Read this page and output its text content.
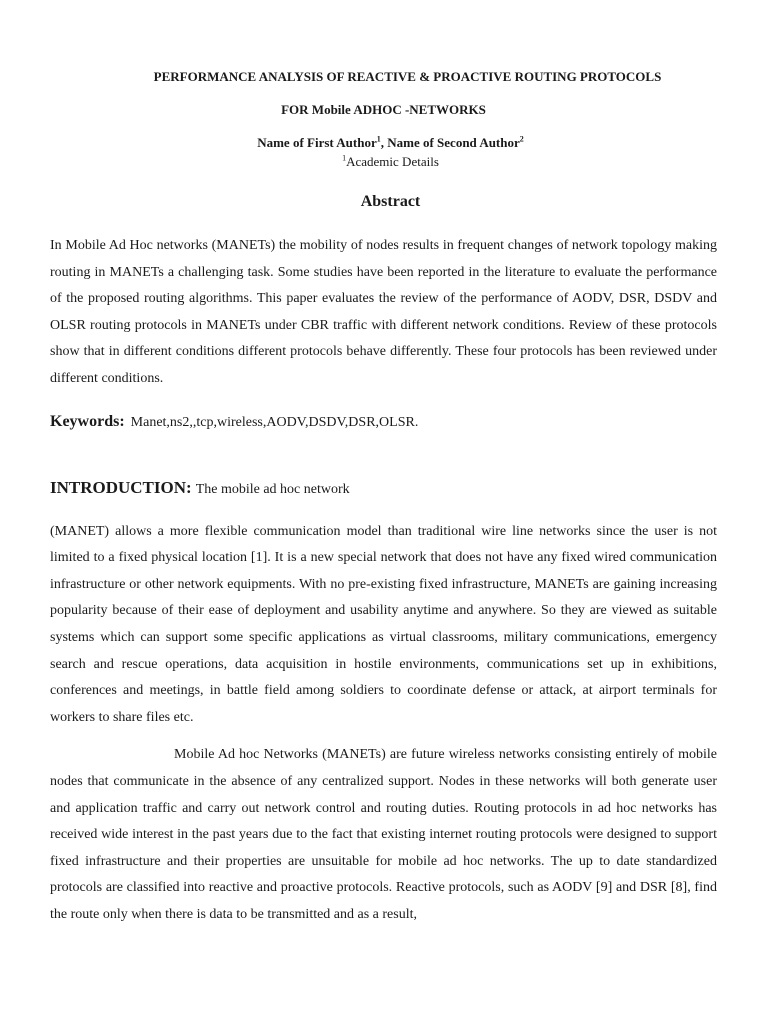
PERFORMANCE ANALYSIS OF REACTIVE & PROACTIVE ROUTING PROTOCOLS

FOR Mobile ADHOC -NETWORKS

Name of First Author$^1$, Name of Second Author$^2$
$^1$Academic Details
Abstract

In Mobile Ad Hoc networks (MANETs) the mobility of nodes results in frequent changes of network topology making routing in MANETs a challenging task. Some studies have been reported in the literature to evaluate the performance of the proposed routing algorithms. This paper evaluates the review of the performance of AODV, DSR, DSDV and OLSR routing protocols in MANETs under CBR traffic with different network conditions. Review of these protocols show that in different conditions different protocols behave differently. These four protocols has been reviewed under different conditions.

Keywords: Manet,ns2,,tcp,wireless,AODV,DSDV,DSR,OLSR.
INTRODUCTION: The mobile ad hoc network

(MANET) allows a more flexible communication model than traditional wire line networks since the user is not limited to a fixed physical location [1]. It is a new special network that does not have any fixed wired communication infrastructure or other network equipments. With no pre-existing fixed infrastructure, MANETs are gaining increasing popularity because of their ease of deployment and usability anytime and anywhere. So they are viewed as suitable systems which can support some specific applications as virtual classrooms, military communications, emergency search and rescue operations, data acquisition in hostile environments, communications set up in exhibitions, conferences and meetings, in battle field among soldiers to coordinate defense or attack, at airport terminals for workers to share files etc.

Mobile Ad hoc Networks (MANETs) are future wireless networks consisting entirely of mobile nodes that communicate in the absence of any centralized support. Nodes in these networks will both generate user and application traffic and carry out network control and routing duties. Routing protocols in ad hoc networks has received wide interest in the past years due to the fact that existing internet routing protocols were designed to support fixed infrastructure and their properties are unsuitable for mobile ad hoc networks. The up to date standardized protocols are classified into reactive and proactive protocols. Reactive protocols, such as AODV [9] and DSR [8], find the route only when there is data to be transmitted and as a result,
